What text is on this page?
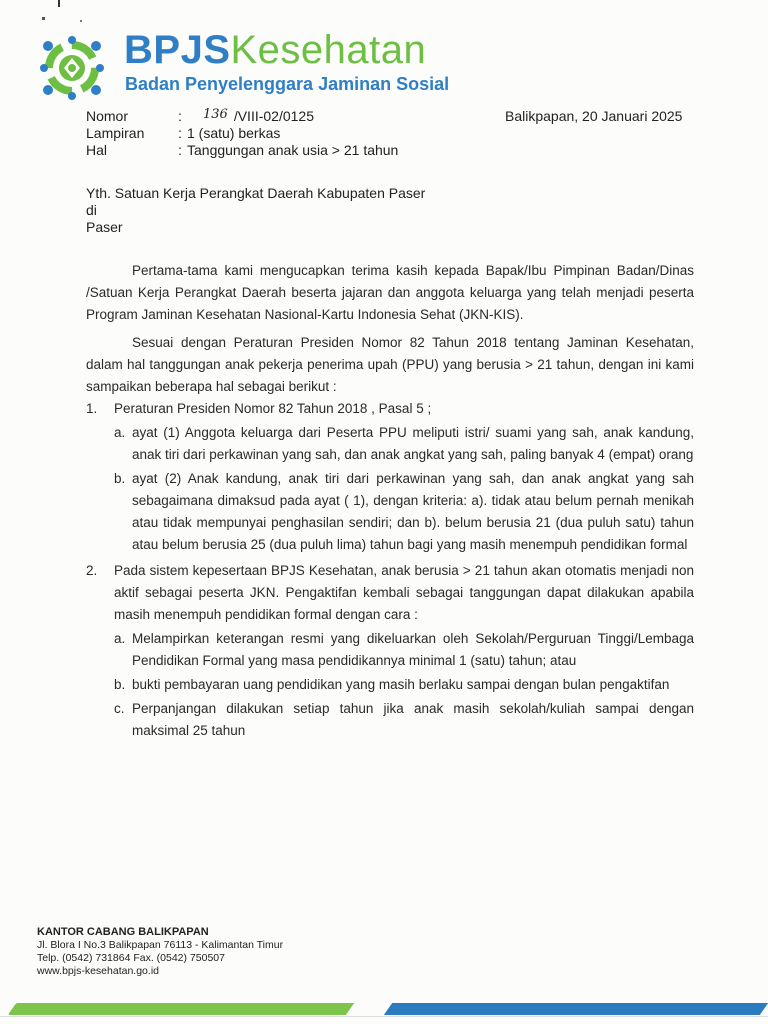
BPJSKesehatan
Badan Penyelenggara Jaminan Sosial
Nomor	:	136 /VIII-02/0125
Lampiran	: 1 (satu) berkas
Hal	: Tanggungan anak usia > 21 tahun
Balikpapan, 20 Januari 2025
Yth. Satuan Kerja Perangkat Daerah Kabupaten Paser
di
Paser

Pertama-tama kami mengucapkan terima kasih kepada Bapak/Ibu Pimpinan Badan/Dinas /Satuan Kerja Perangkat Daerah beserta jajaran dan anggota keluarga yang telah menjadi peserta Program Jaminan Kesehatan Nasional-Kartu Indonesia Sehat (JKN-KIS).

Sesuai dengan Peraturan Presiden Nomor 82 Tahun 2018 tentang Jaminan Kesehatan, dalam hal tanggungan anak pekerja penerima upah (PPU) yang berusia > 21 tahun, dengan ini kami sampaikan beberapa hal sebagai berikut :

1.	Peraturan Presiden Nomor 82 Tahun 2018 , Pasal 5 ;
a. ayat (1) Anggota keluarga dari Peserta PPU meliputi istri/ suami yang sah, anak kandung, anak tiri dari perkawinan yang sah, dan anak angkat yang sah, paling banyak 4 (empat) orang
b. ayat (2) Anak kandung, anak tiri dari perkawinan yang sah, dan anak angkat yang sah sebagaimana dimaksud pada ayat ( 1), dengan kriteria: a). tidak atau belum pernah menikah atau tidak mempunyai penghasilan sendiri; dan b). belum berusia 21 (dua puluh satu) tahun atau belum berusia 25 (dua puluh lima) tahun bagi yang masih menempuh pendidikan formal
2.	Pada sistem kepesertaan BPJS Kesehatan, anak berusia > 21 tahun akan otomatis menjadi non aktif sebagai peserta JKN. Pengaktifan kembali sebagai tanggungan dapat dilakukan apabila masih menempuh pendidikan formal dengan cara :
a. Melampirkan keterangan resmi yang dikeluarkan oleh Sekolah/Perguruan Tinggi/Lembaga Pendidikan Formal yang masa pendidikannya minimal 1 (satu) tahun; atau
b. bukti pembayaran uang pendidikan yang masih berlaku sampai dengan bulan pengaktifan
c. Perpanjangan dilakukan setiap tahun jika anak masih sekolah/kuliah sampai dengan maksimal 25 tahun
KANTOR CABANG BALIKPAPAN
Jl. Blora I No.3 Balikpapan 76113 - Kalimantan Timur
Telp. (0542) 731864 Fax. (0542) 750507
www.bpjs-kesehatan.go.id
